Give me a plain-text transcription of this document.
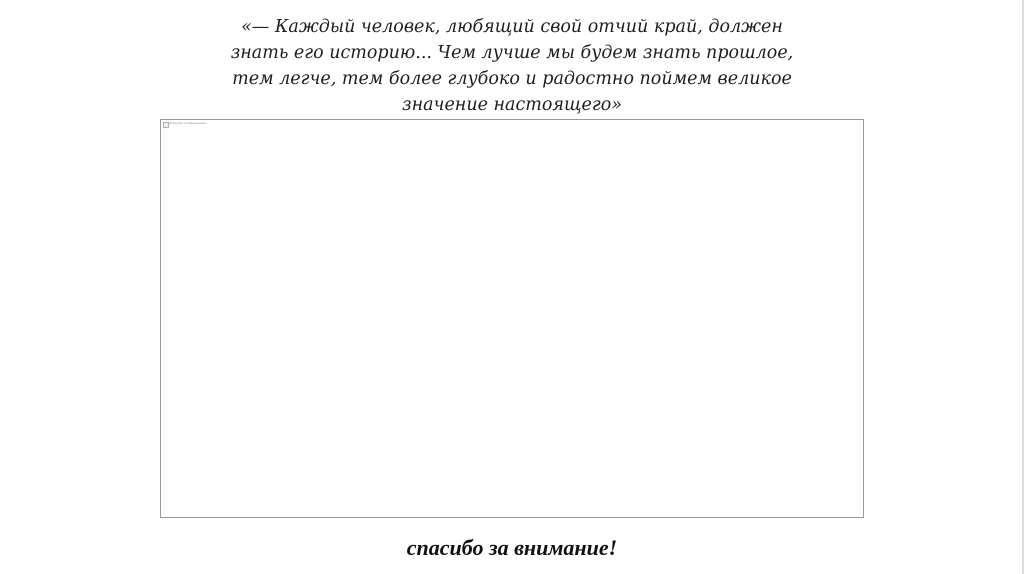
«— Каждый человек, любящий свой отчий край, должен
знать его историю... Чем лучше мы будем знать прошлое,
тем легче, тем более глубоко и радостно поймем великое
значение настоящего»

Загрузка изображения...

спасибо за внимание!
